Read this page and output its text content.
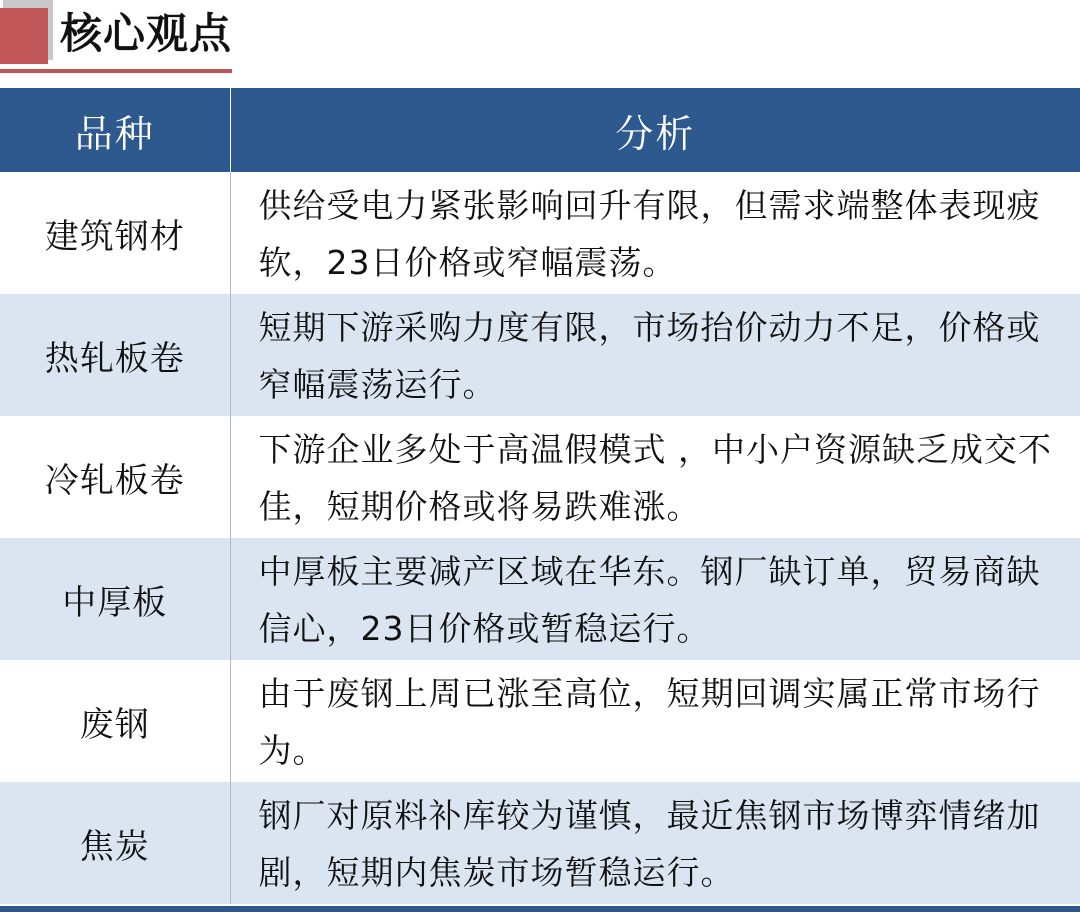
核心观点
品种	分析
建筑钢材	供给受电力紧张影响回升有限，但需求端整体表现疲软，23日价格或窄幅震荡。
热轧板卷	短期下游采购力度有限，市场抬价动力不足，价格或窄幅震荡运行。
冷轧板卷	下游企业多处于高温假模式 ，中小户资源缺乏成交不佳，短期价格或将易跌难涨。
中厚板	中厚板主要减产区域在华东。钢厂缺订单，贸易商缺信心，23日价格或暂稳运行。
废钢	由于废钢上周已涨至高位，短期回调实属正常市场行为。
焦炭	钢厂对原料补库较为谨慎，最近焦钢市场博弈情绪加剧，短期内焦炭市场暂稳运行。
